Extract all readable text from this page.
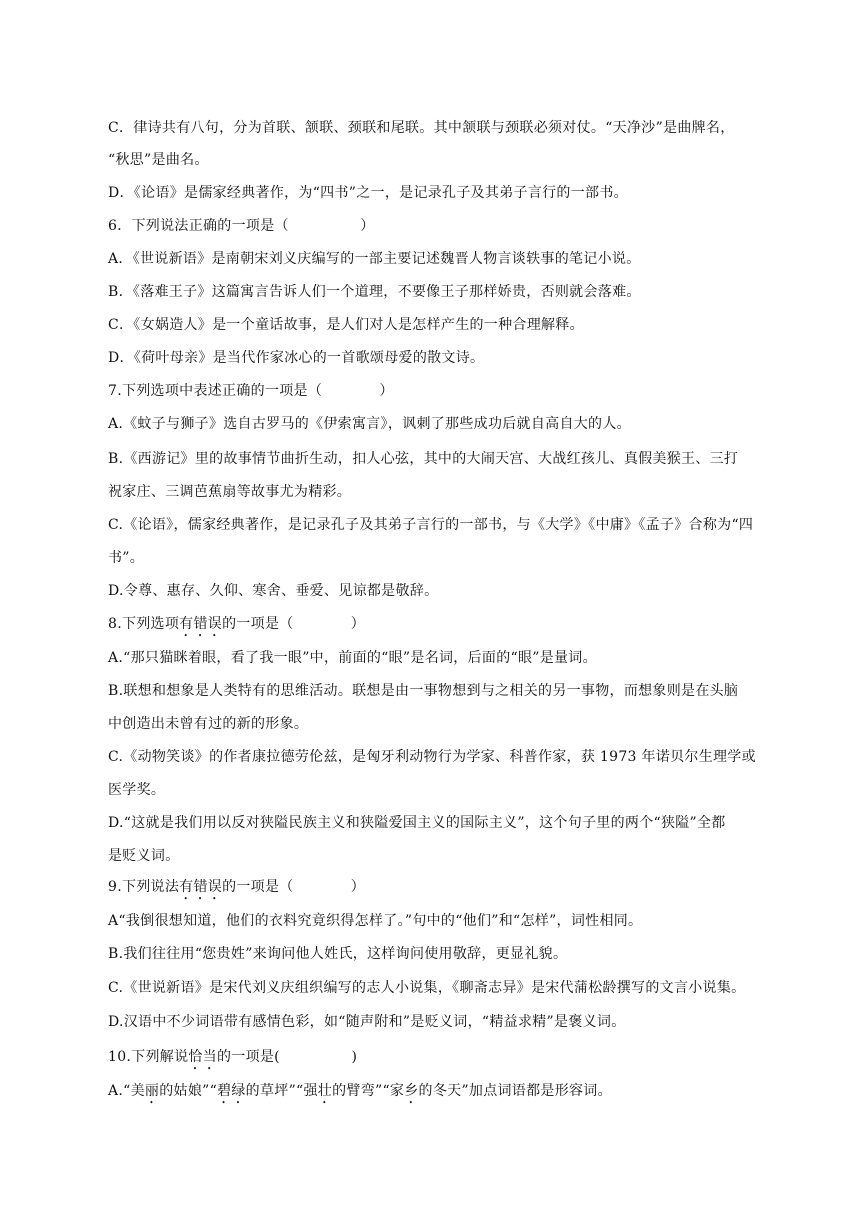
C．律诗共有八句，分为首联、颔联、颈联和尾联。其中颔联与颈联必须对仗。“天净沙”是曲牌名，
“秋思”是曲名。
D．《论语》是儒家经典著作，为“四书”之一，是记录孔子及其弟子言行的一部书。
6．下列说法正确的一项是（　　　　　）
A．《世说新语》是南朝宋刘义庆编写的一部主要记述魏晋人物言谈轶事的笔记小说。
B．《落难王子》这篇寓言告诉人们一个道理，不要像王子那样娇贵，否则就会落难。
C．《女娲造人》是一个童话故事，是人们对人是怎样产生的一种合理解释。
D．《荷叶母亲》是当代作家冰心的一首歌颂母爱的散文诗。
7.下列选项中表述正确的一项是（　　　　）
A.《蚊子与狮子》选自古罗马的《伊索寓言》，讽刺了那些成功后就自高自大的人。
B.《西游记》里的故事情节曲折生动，扣人心弦，其中的大闹天宫、大战红孩儿、真假美猴王、三打
祝家庄、三调芭蕉扇等故事尤为精彩。
C.《论语》，儒家经典著作，是记录孔子及其弟子言行的一部书，与《大学》《中庸》《孟子》合称为“四
书”。
D.令尊、惠存、久仰、寒舍、垂爱、见谅都是敬辞。
8.下列选项有错误的一项是（　　　　）
A.“那只猫眯着眼，看了我一眼”中，前面的“眼”是名词，后面的“眼”是量词。
B.联想和想象是人类特有的思维活动。联想是由一事物想到与之相关的另一事物，而想象则是在头脑
中创造出未曾有过的新的形象。
C.《动物笑谈》的作者康拉德劳伦兹，是匈牙利动物行为学家、科普作家，获 1973 年诺贝尔生理学或
医学奖。
D.“这就是我们用以反对狭隘民族主义和狭隘爱国主义的国际主义”，这个句子里的两个“狭隘”全都
是贬义词。
9.下列说法有错误的一项是（　　　　）
A“我倒很想知道，他们的衣料究竟织得怎样了。”句中的“他们”和“怎样”，词性相同。
B.我们往往用“您贵姓”来询问他人姓氏，这样询问使用敬辞，更显礼貌。
C.《世说新语》是宋代刘义庆组织编写的志人小说集，《聊斋志异》是宋代蒲松龄撰写的文言小说集。
D.汉语中不少词语带有感情色彩，如“随声附和”是贬义词，“精益求精”是褒义词。
10.下列解说恰当的一项是(　　　　　)
A.“美丽的姑娘”“碧绿的草坪”“强壮的臂弯”“家乡的冬天”加点词语都是形容词。
